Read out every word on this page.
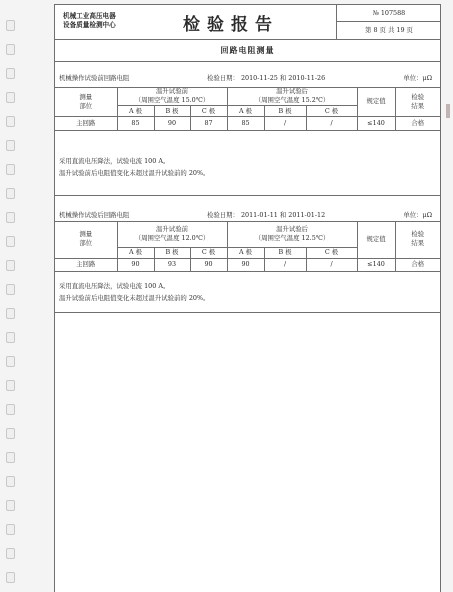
机械工业高压电器
设备质量检测中心	检验报告
№ 107588
第 8 页 共 19 页
回路电阻测量
机械操作试验前回路电阻	检验日期： 2010-11-25 和 2010-11-26	单位：μΩ
测量
部位	温升试验前
（周围空气温度 15.0℃）			温升试验后
（周围空气温度 15.2℃）			规定值	检验
结果
	A 极	B 极	C 极	A 极	B 极	C 极		
主回路	85	90	87	85	/	/	≤140	合格
采用直流电压降法，试验电流 100 A。
温升试验前后电阻值变化未超过温升试验前的 20%。
机械操作试验后回路电阻	检验日期： 2011-01-11 和 2011-01-12	单位：μΩ
测量
部位	温升试验前
（周围空气温度 12.0℃）			温升试验后
（周围空气温度 12.5℃）			规定值	检验
结果
	A 极	B 极	C 极	A 极	B 极	C 极		
主回路	90	93	90	90	/	/	≤140	合格
采用直流电压降法，试验电流 100 A。
温升试验前后电阻值变化未超过温升试验前的 20%。
